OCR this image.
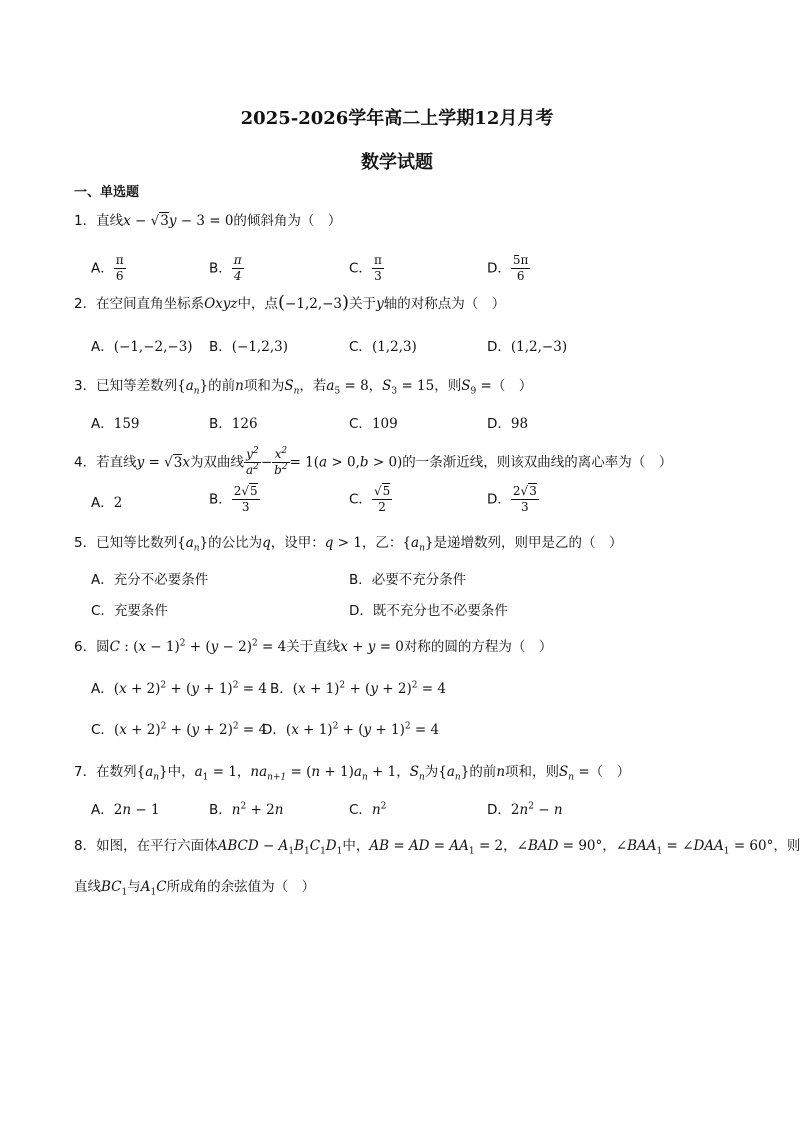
2025-2026学年高二上学期12月月考
数学试题
一、单选题
1．直线x − √3y − 3 = 0的倾斜角为（　）
A． $\frac{\pi}{6}$	B． $\frac{\pi}{4}$	C． $\frac{\pi}{3}$	D． $\frac{5\pi}{6}$
2．在空间直角坐标系Oxyz中，点(−1,2,−3)关于y轴的对称点为（　）
A．(−1,−2,−3) B．(−1,2,3)	C．(1,2,3)	D．(1,2,−3)
3．已知等差数列$\{a_n\}$的前n项和为$S_n$，若$a_5 = 8$，$S_3 = 15$，则$S_9$ =（　）
A．159	B．126	C．109	D．98
4．若直线y = √3x为双曲线 $\frac{y^2}{a^2} - \frac{x^2}{b^2} = 1(a > 0,b > 0)$的一条渐近线，则该双曲线的离心率为（　）
A．2	B． $\frac{2√5}{3}$	C． $\frac{√5}{2}$	D． $\frac{2√3}{3}$
5．已知等比数列$\{a_n\}$的公比为q，设甲：q > 1，乙：$\{a_n\}$是递增数列，则甲是乙的（　）
A．充分不必要条件	B．必要不充分条件
C．充要条件	D．既不充分也不必要条件
6．圆C : $(x - 1)^2 + (y - 2)^2 = 4$关于直线x + y = 0对称的圆的方程为（　）
A．$(x + 2)^2 + (y + 1)^2 = 4$ B．$(x + 1)^2 + (y + 2)^2 = 4$
C．$(x + 2)^2 + (y + 2)^2 = 4$
D．$(x + 1)^2 + (y + 1)^2 = 4$
7．在数列$\{a_n\}$中，$a_1 = 1$，$na_{n+1} = (n + 1)a_n + 1$，$S_n$为$\{a_n\}$的前n项和，则$S_n$ =（　）
A．2n − 1	B．$n^2 + 2n$	C．$n^2$	D．$2n^2 - n$
8．如图，在平行六面体ABCD − $A_1B_1C_1D_1$中，AB = AD = $AA_1 = 2$，∠BAD = 90°，$\angle BAA_1$ = $\angle DAA_1 = 60^\circ$，则
直线$BC_1$与$A_1C$所成角的余弦值为（　）
